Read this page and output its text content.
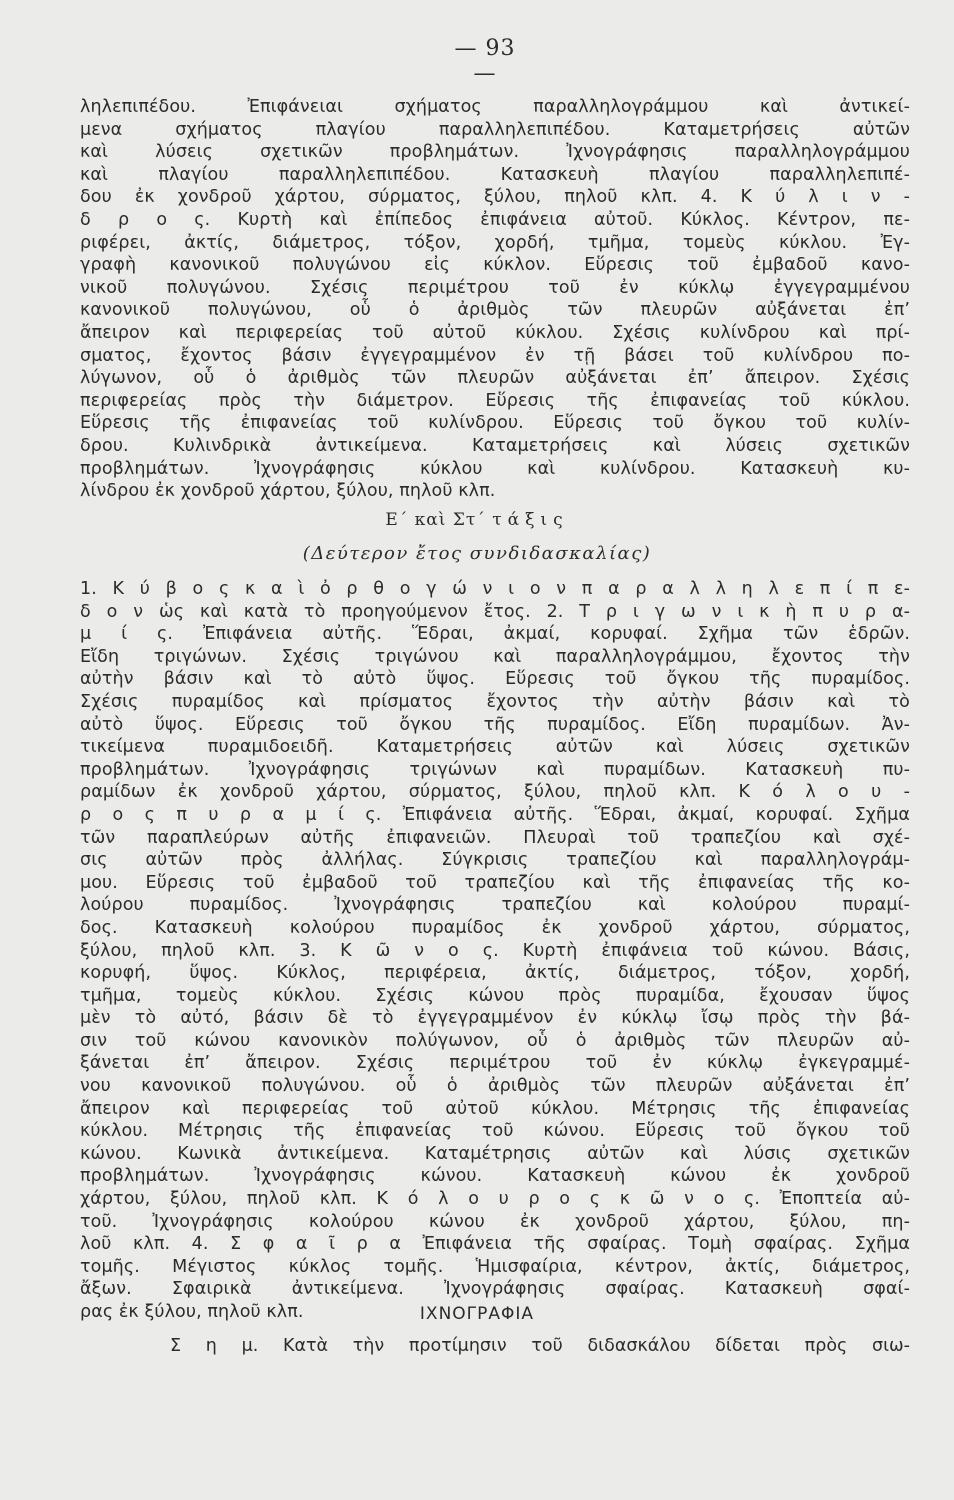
— 93 —
ληλεπιπέδου. Ἐπιφάνειαι σχήματος παραλληλογράμμου καὶ ἀντικεί-
μενα σχήματος πλαγίου παραλληλεπιπέδου. Καταμετρήσεις αὐτῶν
καὶ λύσεις σχετικῶν προβλημάτων. Ἰχνογράφησις παραλληλογράμμου
καὶ πλαγίου παραλληλεπιπέδου. Κατασκευὴ πλαγίου παραλληλεπιπέ-
δου ἐκ χονδροῦ χάρτου, σύρματος, ξύλου, πηλοῦ κλπ. 4. Κ ύ λ ι ν -
δ ρ ο ς. Κυρτὴ καὶ ἐπίπεδος ἐπιφάνεια αὐτοῦ. Κύκλος. Κέντρον, πε-
ριφέρει, ἀκτίς, διάμετρος, τόξον, χορδή, τμῆμα, τομεὺς κύκλου. Ἐγ-
γραφὴ κανονικοῦ πολυγώνου εἰς κύκλον. Εὕρεσις τοῦ ἐμβαδοῦ κανο-
νικοῦ πολυγώνου. Σχέσις περιμέτρου τοῦ ἐν κύκλῳ ἐγγεγραμμένου
κανονικοῦ πολυγώνου, οὗ ὁ ἀριθμὸς τῶν πλευρῶν αὐξάνεται ἐπ’
ἄπειρον καὶ περιφερείας τοῦ αὐτοῦ κύκλου. Σχέσις κυλίνδρου καὶ πρί-
σματος, ἔχοντος βάσιν ἐγγεγραμμένον ἐν τῇ βάσει τοῦ κυλίνδρου πο-
λύγωνον, οὗ ὁ ἀριθμὸς τῶν πλευρῶν αὐξάνεται ἐπ’ ἄπειρον. Σχέσις
περιφερείας πρὸς τὴν διάμετρον. Εὕρεσις τῆς ἐπιφανείας τοῦ κύκλου.
Εὕρεσις τῆς ἐπιφανείας τοῦ κυλίνδρου. Εὕρεσις τοῦ ὄγκου τοῦ κυλίν-
δρου. Κυλινδρικὰ ἀντικείμενα. Καταμετρήσεις καὶ λύσεις σχετικῶν
προβλημάτων. Ἰχνογράφησις κύκλου καὶ κυλίνδρου. Κατασκευὴ κυ-
λίνδρου ἐκ χονδροῦ χάρτου, ξύλου, πηλοῦ κλπ.
Ε΄ καὶ Στ΄ τάξις
(Δεύτερον ἔτος συνδιδασκαλίας)
1. Κ ύ β ο ς κ α ὶ ὀ ρ θ ο γ ώ ν ι ο ν π α ρ α λ λ η λ ε π ί π ε-
δ ο ν ὡς καὶ κατὰ τὸ προηγούμενον ἔτος. 2. Τ ρ ι γ ω ν ι κ ὴ π υ ρ α-
μ ί ς. Ἐπιφάνεια αὐτῆς. Ἕδραι, ἀκμαί, κορυφαί. Σχῆμα τῶν ἑδρῶν.
Εἴδη τριγώνων. Σχέσις τριγώνου καὶ παραλληλογράμμου, ἔχοντος τὴν
αὐτὴν βάσιν καὶ τὸ αὐτὸ ὕψος. Εὕρεσις τοῦ ὄγκου τῆς πυραμίδος.
Σχέσις πυραμίδος καὶ πρίσματος ἔχοντος τὴν αὐτὴν βάσιν καὶ τὸ
αὐτὸ ὕψος. Εὕρεσις τοῦ ὄγκου τῆς πυραμίδος. Εἴδη πυραμίδων. Ἀν-
τικείμενα πυραμιδοειδῆ. Καταμετρήσεις αὐτῶν καὶ λύσεις σχετικῶν
προβλημάτων. Ἰχνογράφησις τριγώνων καὶ πυραμίδων. Κατασκευὴ πυ-
ραμίδων ἐκ χονδροῦ χάρτου, σύρματος, ξύλου, πηλοῦ κλπ. Κ ό λ ο υ -
ρ ο ς π υ ρ α μ ί ς. Ἐπιφάνεια αὐτῆς. Ἕδραι, ἀκμαί, κορυφαί. Σχῆμα
τῶν παραπλεύρων αὐτῆς ἐπιφανειῶν. Πλευραὶ τοῦ τραπεζίου καὶ σχέ-
σις αὐτῶν πρὸς ἀλλήλας. Σύγκρισις τραπεζίου καὶ παραλληλογράμ-
μου. Εὕρεσις τοῦ ἐμβαδοῦ τοῦ τραπεζίου καὶ τῆς ἐπιφανείας τῆς κο-
λούρου πυραμίδος. Ἰχνογράφησις τραπεζίου καὶ κολούρου πυραμί-
δος. Κατασκευὴ κολούρου πυραμίδος ἐκ χονδροῦ χάρτου, σύρματος,
ξύλου, πηλοῦ κλπ. 3. Κ ῶ ν ο ς. Κυρτὴ ἐπιφάνεια τοῦ κώνου. Βάσις,
κορυφή, ὕψος. Κύκλος, περιφέρεια, ἀκτίς, διάμετρος, τόξον, χορδή,
τμῆμα, τομεὺς κύκλου. Σχέσις κώνου πρὸς πυραμίδα, ἔχουσαν ὕψος
μὲν τὸ αὐτό, βάσιν δὲ τὸ ἐγγεγραμμένον ἐν κύκλῳ ἴσῳ πρὸς τὴν βά-
σιν τοῦ κώνου κανονικὸν πολύγωνον, οὗ ὁ ἀριθμὸς τῶν πλευρῶν αὐ-
ξάνεται ἐπ’ ἄπειρον. Σχέσις περιμέτρου τοῦ ἐν κύκλῳ ἐγκεγραμμέ-
νου κανονικοῦ πολυγώνου. οὗ ὁ ἀριθμὸς τῶν πλευρῶν αὐξάνεται ἐπ’
ἄπειρον καὶ περιφερείας τοῦ αὐτοῦ κύκλου. Μέτρησις τῆς ἐπιφανείας
κύκλου. Μέτρησις τῆς ἐπιφανείας τοῦ κώνου. Εὕρεσις τοῦ ὄγκου τοῦ
κώνου. Κωνικὰ ἀντικείμενα. Καταμέτρησις αὐτῶν καὶ λύσις σχετικῶν
προβλημάτων. Ἰχνογράφησις κώνου. Κατασκευὴ κώνου ἐκ χονδροῦ
χάρτου, ξύλου, πηλοῦ κλπ. Κ ό λ ο υ ρ ο ς κ ῶ ν ο ς. Ἐποπτεία αὐ-
τοῦ. Ἰχνογράφησις κολούρου κώνου ἐκ χονδροῦ χάρτου, ξύλου, πη-
λοῦ κλπ. 4. Σ φ α ῖ ρ α Ἐπιφάνεια τῆς σφαίρας. Τομὴ σφαίρας. Σχῆμα
τομῆς. Μέγιστος κύκλος τομῆς. Ἡμισφαίρια, κέντρον, ἀκτίς, διάμετρος,
ἄξων. Σφαιρικὰ ἀντικείμενα. Ἰχνογράφησις σφαίρας. Κατασκευὴ σφαί-
ρας ἐκ ξύλου, πηλοῦ κλπ.	ΙΧΝΟΓΡΑΦΙΑ
Σ η μ. Κατὰ τὴν προτίμησιν τοῦ διδασκάλου δίδεται πρὸς σιω-
